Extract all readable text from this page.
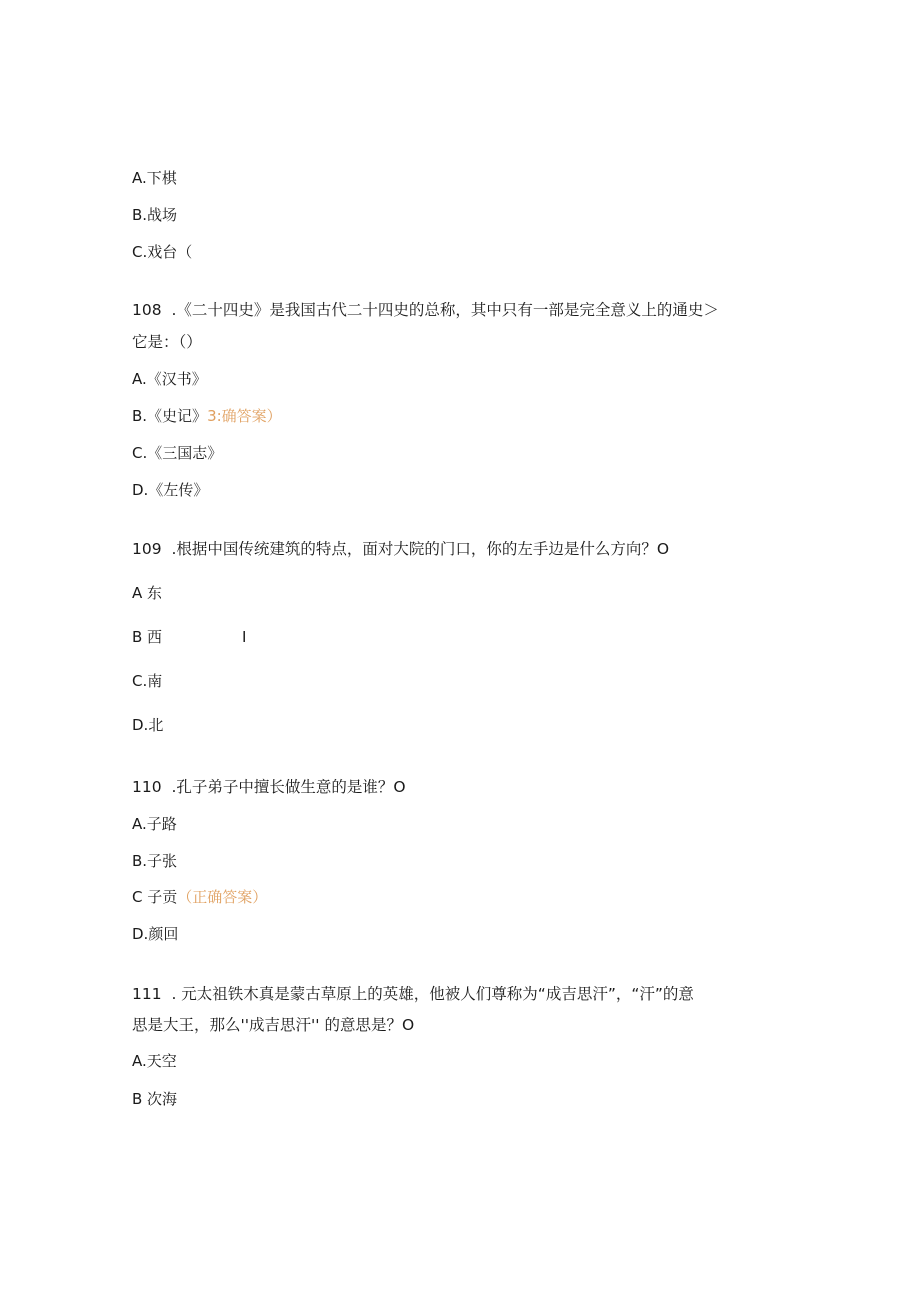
A.下棋
B.战场
C.戏台（
108  .《二十四史》是我国古代二十四史的总称，其中只有一部是完全意义上的通史＞
它是：（）
A.《汉书》
B.《史记》3:确答案）
C.《三国志》
D.《左传》
109  .根据中国传统建筑的特点，面对大院的门口，你的左手边是什么方向？O
A 东
B 西	I
C.南
D.北
110  .孔子弟子中擅长做生意的是谁？O
A.子路
B.子张
C 子贡（正确答案）
D.颜回
111  . 元太祖铁木真是蒙古草原上的英雄，他被人们尊称为“成吉思汗”，“汗”的意
思是大王，那么''成吉思汗'' 的意思是？O
A.天空
B 次海
